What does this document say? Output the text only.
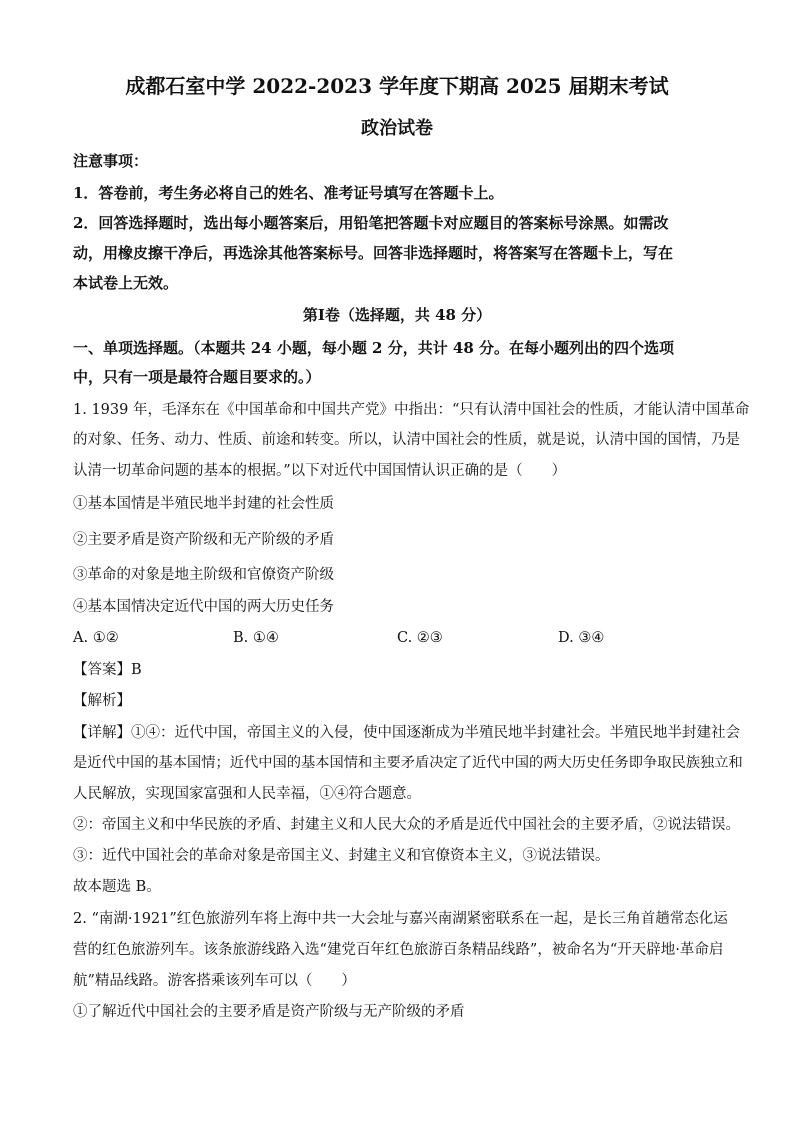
成都石室中学 2022-2023 学年度下期高 2025 届期末考试
政治试卷
注意事项：
1．答卷前，考生务必将自己的姓名、准考证号填写在答题卡上。
2．回答选择题时，选出每小题答案后，用铅笔把答题卡对应题目的答案标号涂黑。如需改
动，用橡皮擦干净后，再选涂其他答案标号。回答非选择题时，将答案写在答题卡上，写在
本试卷上无效。
第Ⅰ卷（选择题，共 48 分）
一、单项选择题。（本题共 24 小题，每小题 2 分，共计 48 分。在每小题列出的四个选项
中，只有一项是最符合题目要求的。）
1. 1939 年，毛泽东在《中国革命和中国共产党》中指出：“只有认清中国社会的性质，才能认清中国革命
的对象、任务、动力、性质、前途和转变。所以，认清中国社会的性质，就是说，认清中国的国情，乃是
认清一切革命问题的基本的根据。”以下对近代中国国情认识正确的是（　　）
①基本国情是半殖民地半封建的社会性质
②主要矛盾是资产阶级和无产阶级的矛盾
③革命的对象是地主阶级和官僚资产阶级
④基本国情决定近代中国的两大历史任务
A. ①②	B. ①④	C. ②③	D. ③④
【答案】B
【解析】
【详解】①④：近代中国，帝国主义的入侵，使中国逐渐成为半殖民地半封建社会。半殖民地半封建社会
是近代中国的基本国情；近代中国的基本国情和主要矛盾决定了近代中国的两大历史任务即争取民族独立和
人民解放，实现国家富强和人民幸福，①④符合题意。
②：帝国主义和中华民族的矛盾、封建主义和人民大众的矛盾是近代中国社会的主要矛盾，②说法错误。
③：近代中国社会的革命对象是帝国主义、封建主义和官僚资本主义，③说法错误。
故本题选 B。
2. “南湖·1921”红色旅游列车将上海中共一大会址与嘉兴南湖紧密联系在一起，是长三角首趟常态化运
营的红色旅游列车。该条旅游线路入选“建党百年红色旅游百条精品线路”，被命名为“开天辟地·革命启
航”精品线路。游客搭乘该列车可以（　　）
①了解近代中国社会的主要矛盾是资产阶级与无产阶级的矛盾
